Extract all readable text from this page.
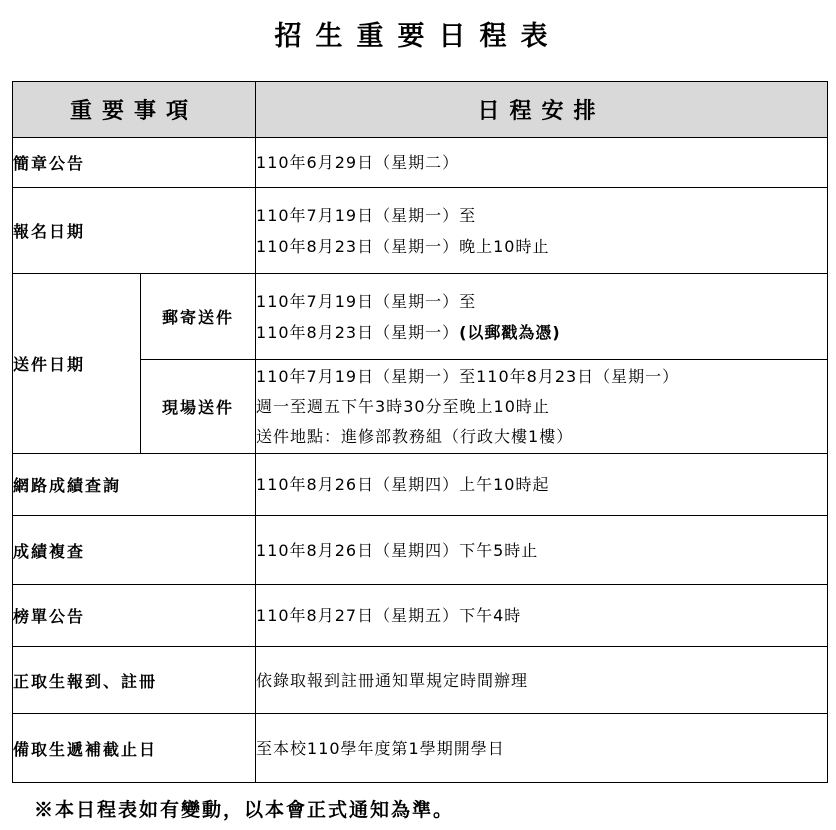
招生重要日程表
重要事項		日程安排
簡章公告		110年6月29日（星期二）

報名日期		110年7月19日（星期一）至
110年8月23日（星期一）晚上10時止

送件日期	郵寄送件	110年7月19日（星期一）至
110年8月23日（星期一）(以郵戳為憑)

	現場送件	110年7月19日（星期一）至110年8月23日（星期一）
週一至週五下午3時30分至晚上10時止
送件地點：進修部教務組（行政大樓1樓）

網路成績查詢		110年8月26日（星期四）上午10時起

成績複查		110年8月26日（星期四）下午5時止

榜單公告		110年8月27日（星期五）下午4時

正取生報到、註冊		依錄取報到註冊通知單規定時間辦理

備取生遞補截止日		至本校110學年度第1學期開學日
※本日程表如有變動，以本會正式通知為準。
